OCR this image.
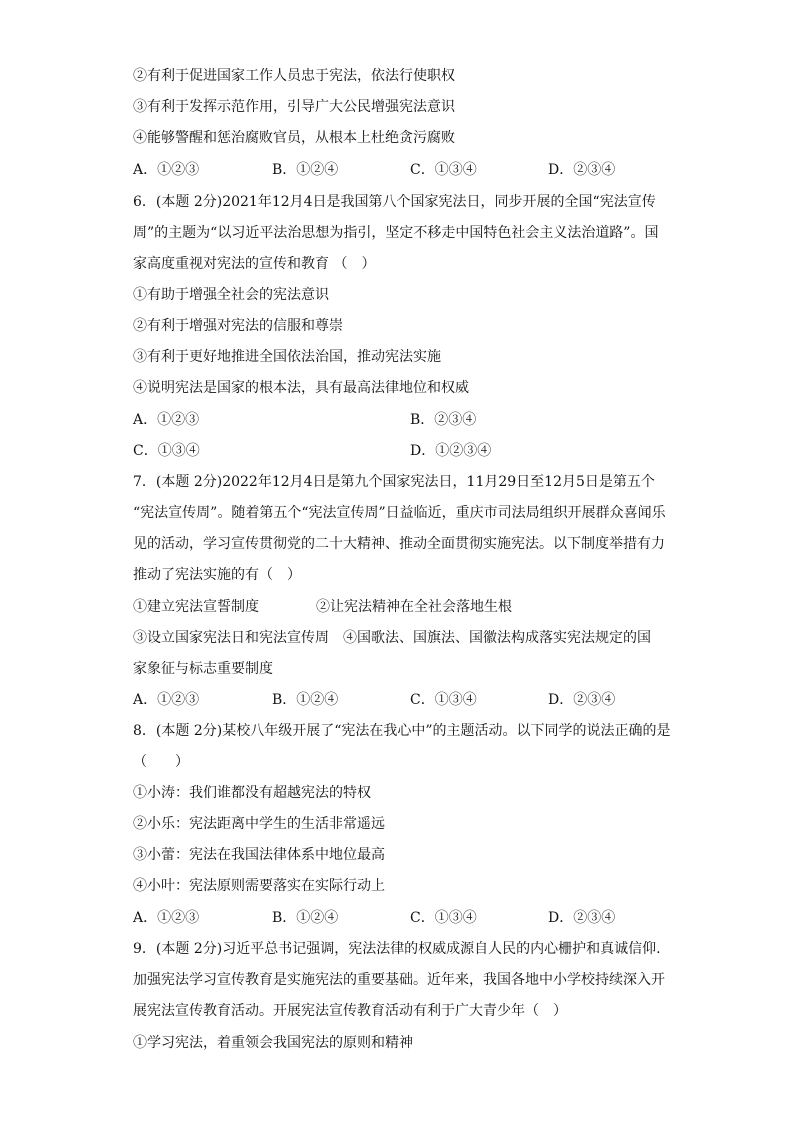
②有利于促进国家工作人员忠于宪法，依法行使职权
③有利于发挥示范作用，引导广大公民增强宪法意识
④能够警醒和惩治腐败官员，从根本上杜绝贪污腐败
A．①②③	B．①②④	C．①③④	D．②③④
6．(本题 2分)2021年12月4日是我国第八个国家宪法日，同步开展的全国“宪法宣传
周”的主题为“以习近平法治思想为指引，坚定不移走中国特色社会主义法治道路”。国
家高度重视对宪法的宣传和教育 （　）
①有助于增强全社会的宪法意识
②有利于增强对宪法的信服和尊崇
③有利于更好地推进全国依法治国，推动宪法实施
④说明宪法是国家的根本法，具有最高法律地位和权威
A．①②③	B．②③④
C．①③④	D．①②③④
7．(本题 2分)2022年12月4日是第九个国家宪法日，11月29日至12月5日是第五个
“宪法宣传周”。随着第五个“宪法宣传周”日益临近，重庆市司法局组织开展群众喜闻乐
见的活动，学习宣传贯彻党的二十大精神、推动全面贯彻实施宪法。以下制度举措有力
推动了宪法实施的有（　）
①建立宪法宣誓制度	②让宪法精神在全社会落地生根
③设立国家宪法日和宪法宣传周　④国歌法、国旗法、国徽法构成落实宪法规定的国
家象征与标志重要制度
A．①②③	B．①②④	C．①③④	D．②③④
8．(本题 2分)某校八年级开展了“宪法在我心中”的主题活动。以下同学的说法正确的是
（　　）
①小涛：我们谁都没有超越宪法的特权
②小乐：宪法距离中学生的生活非常遥远
③小蕾：宪法在我国法律体系中地位最高
④小叶：宪法原则需要落实在实际行动上
A．①②③	B．①②④	C．①③④	D．②③④
9．(本题 2分)习近平总书记强调，宪法法律的权威成源自人民的内心栅护和真诚信仰.
加强宪法学习宣传教育是实施宪法的重要基础。近年来，我国各地中小学校持续深入开
展宪法宣传教育活动。开展宪法宣传教育活动有利于广大青少年（　）
①学习宪法，着重领会我国宪法的原则和精神
